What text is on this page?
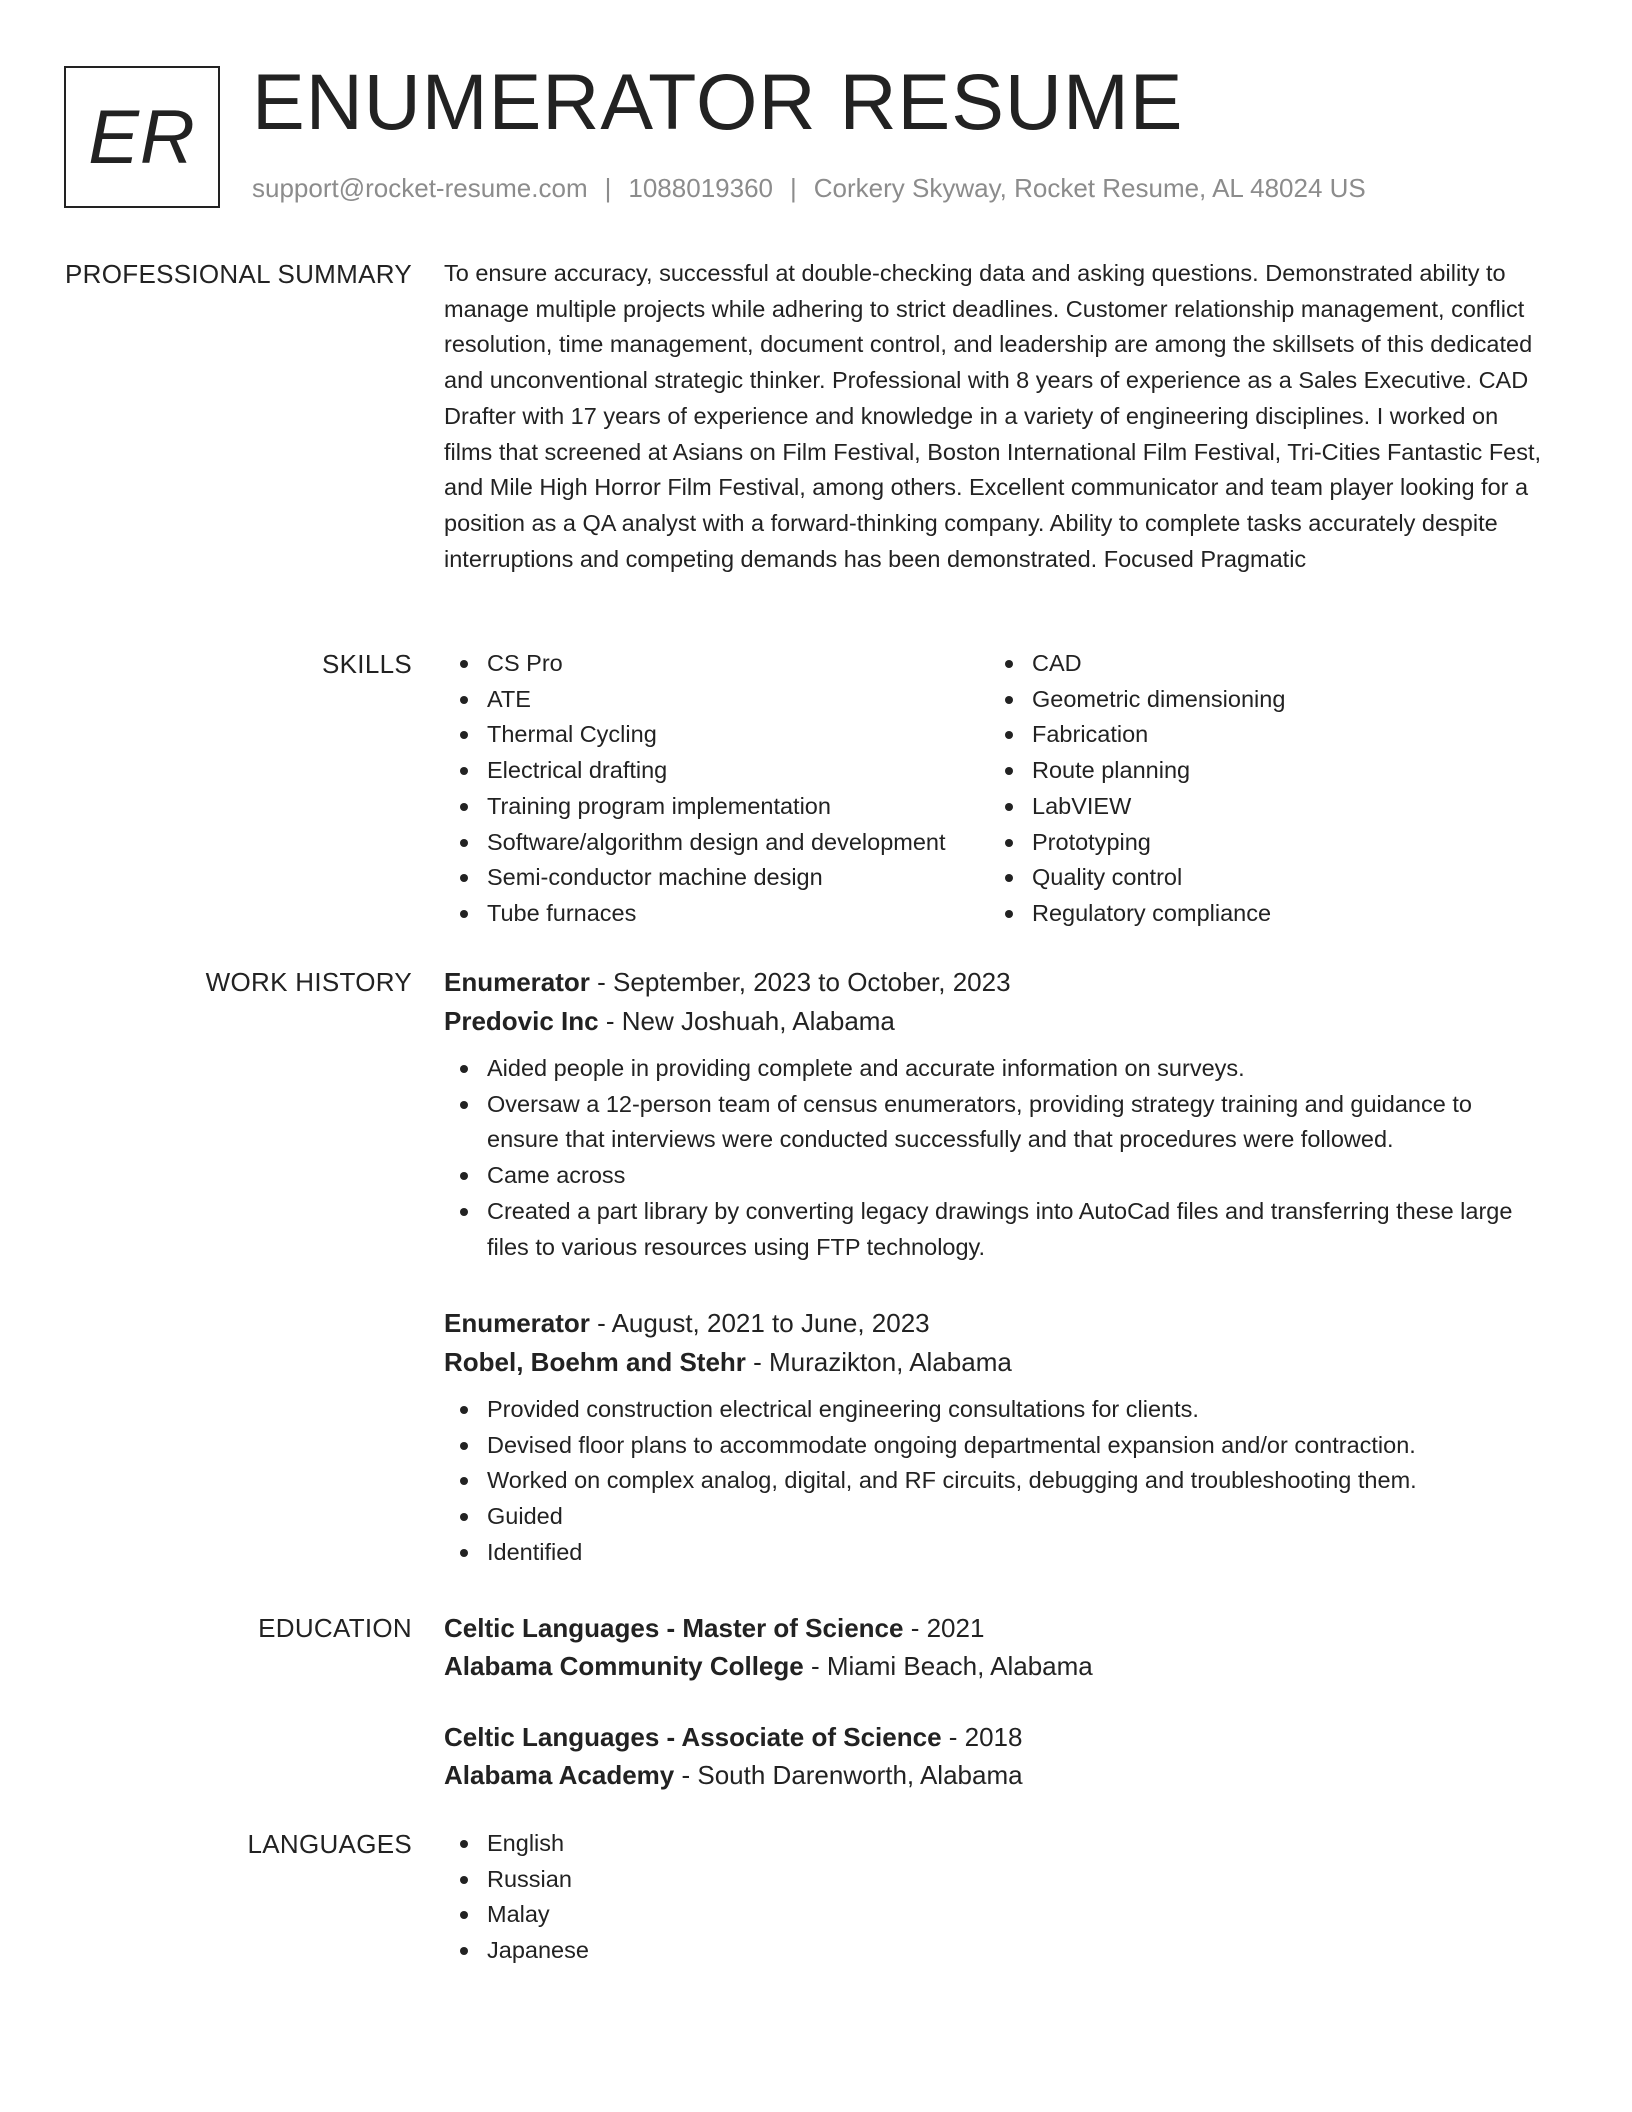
ER ENUMERATOR RESUME
support@rocket-resume.com | 1088019360 | Corkery Skyway, Rocket Resume, AL 48024 US
PROFESSIONAL SUMMARY To ensure accuracy, successful at double-checking data and asking questions. Demonstrated ability to manage multiple projects while adhering to strict deadlines. Customer relationship management, conflict resolution, time management, document control, and leadership are among the skillsets of this dedicated and unconventional strategic thinker. Professional with 8 years of experience as a Sales Executive. CAD Drafter with 17 years of experience and knowledge in a variety of engineering disciplines. I worked on films that screened at Asians on Film Festival, Boston International Film Festival, Tri-Cities Fantastic Fest, and Mile High Horror Film Festival, among others. Excellent communicator and team player looking for a position as a QA analyst with a forward-thinking company. Ability to complete tasks accurately despite interruptions and competing demands has been demonstrated. Focused Pragmatic
SKILLS	CS Pro
ATE
Thermal Cycling
Electrical drafting
Training program implementation
Software/algorithm design and development
Semi-conductor machine design
Tube furnaces
CAD
Geometric dimensioning
Fabrication
Route planning
LabVIEW
Prototyping
Quality control
Regulatory compliance
WORK HISTORY Enumerator - September, 2023 to October, 2023
Predovic Inc - New Joshuah, Alabama
Aided people in providing complete and accurate information on surveys.
Oversaw a 12-person team of census enumerators, providing strategy training and guidance to ensure that interviews were conducted successfully and that procedures were followed.
Came across
Created a part library by converting legacy drawings into AutoCad files and transferring these large files to various resources using FTP technology.
Enumerator - August, 2021 to June, 2023
Robel, Boehm and Stehr - Murazikton, Alabama
Provided construction electrical engineering consultations for clients.
Devised floor plans to accommodate ongoing departmental expansion and/or contraction.
Worked on complex analog, digital, and RF circuits, debugging and troubleshooting them.
Guided
Identified
EDUCATION Celtic Languages - Master of Science - 2021
Alabama Community College - Miami Beach, Alabama
Celtic Languages - Associate of Science - 2018
Alabama Academy - South Darenworth, Alabama
LANGUAGES	English
Russian
Malay
Japanese
